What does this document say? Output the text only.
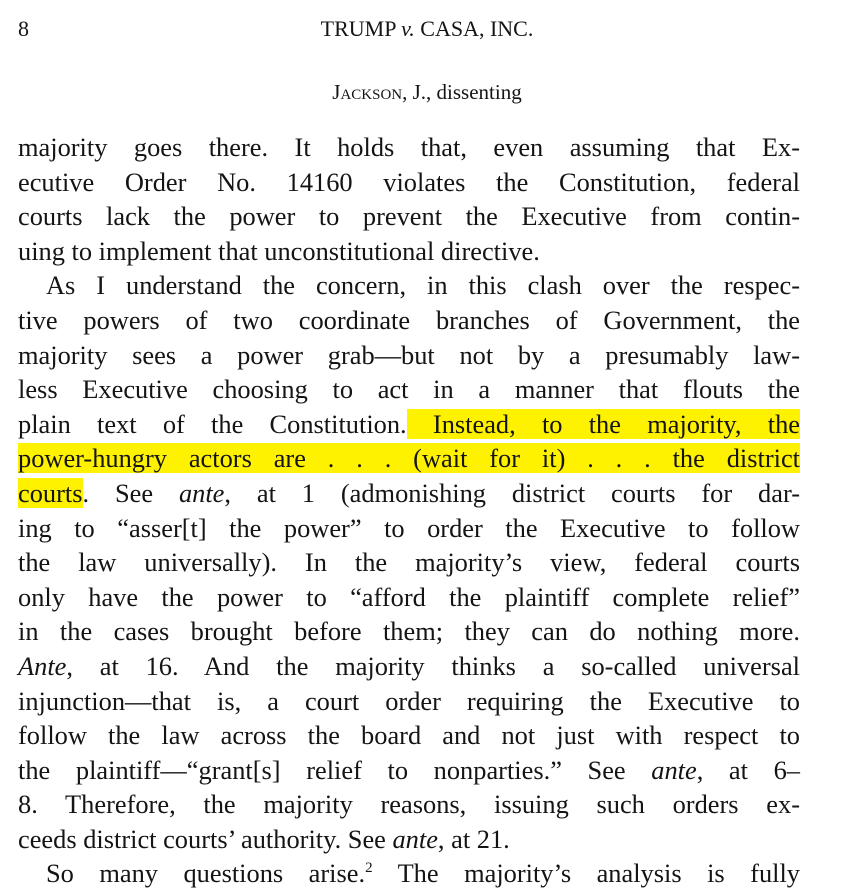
8	TRUMP v. CASA, INC.
Jackson, J., dissenting
majority goes there. It holds that, even assuming that Ex-
ecutive Order No. 14160 violates the Constitution, federal
courts lack the power to prevent the Executive from contin-
uing to implement that unconstitutional directive.
As I understand the concern, in this clash over the respec-
tive powers of two coordinate branches of Government, the
majority sees a power grab—but not by a presumably law-
less Executive choosing to act in a manner that flouts the
plain text of the Constitution. Instead, to the majority, the
power-hungry actors are . . . (wait for it) . . . the district
courts. See ante, at 1 (admonishing district courts for dar-
ing to “asser[t] the power” to order the Executive to follow
the law universally). In the majority’s view, federal courts
only have the power to “afford the plaintiff complete relief”
in the cases brought before them; they can do nothing more.
Ante, at 16. And the majority thinks a so-called universal
injunction—that is, a court order requiring the Executive to
follow the law across the board and not just with respect to
the plaintiff—“grant[s] relief to nonparties.” See ante, at 6–
8. Therefore, the majority reasons, issuing such orders ex-
ceeds district courts’ authority. See ante, at 21.
So many questions arise.$^2$ The majority’s analysis is fully
